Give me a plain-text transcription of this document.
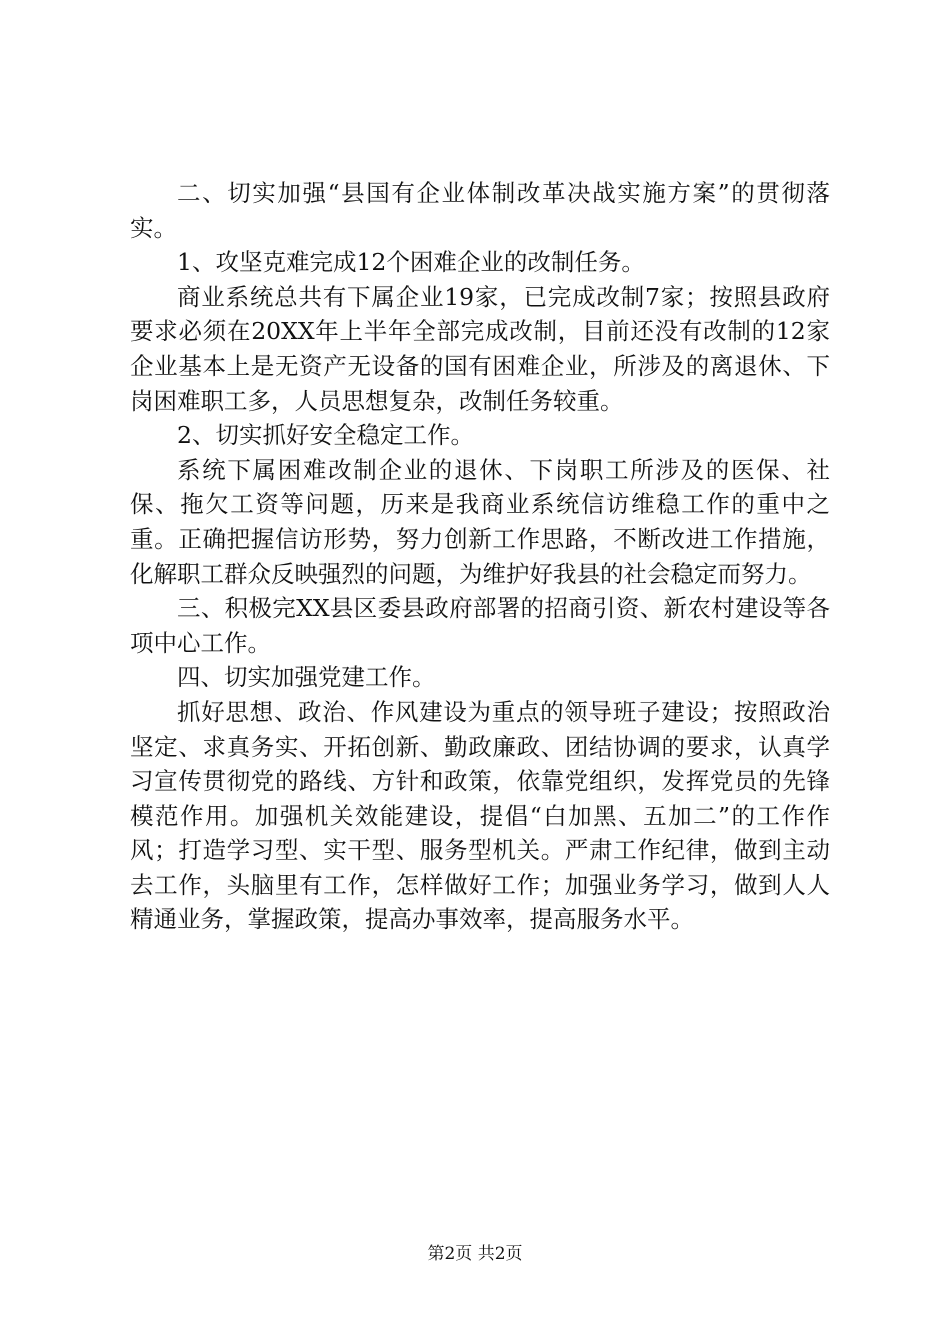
二、切实加强“县国有企业体制改革决战实施方案”的贯彻落实。

1、攻坚克难完成12个困难企业的改制任务。

商业系统总共有下属企业19家，已完成改制7家；按照县政府要求必须在20XX年上半年全部完成改制，目前还没有改制的12家企业基本上是无资产无设备的国有困难企业，所涉及的离退休、下岗困难职工多，人员思想复杂，改制任务较重。

2、切实抓好安全稳定工作。

系统下属困难改制企业的退休、下岗职工所涉及的医保、社保、拖欠工资等问题，历来是我商业系统信访维稳工作的重中之重。正确把握信访形势，努力创新工作思路，不断改进工作措施，化解职工群众反映强烈的问题，为维护好我县的社会稳定而努力。

三、积极完XX县区委县政府部署的招商引资、新农村建设等各项中心工作。

四、切实加强党建工作。

抓好思想、政治、作风建设为重点的领导班子建设；按照政治坚定、求真务实、开拓创新、勤政廉政、团结协调的要求，认真学习宣传贯彻党的路线、方针和政策，依靠党组织，发挥党员的先锋模范作用。加强机关效能建设，提倡“白加黑、五加二”的工作作风；打造学习型、实干型、服务型机关。严肃工作纪律，做到主动去工作，头脑里有工作，怎样做好工作；加强业务学习，做到人人精通业务，掌握政策，提高办事效率，提高服务水平。

第2页 共2页
